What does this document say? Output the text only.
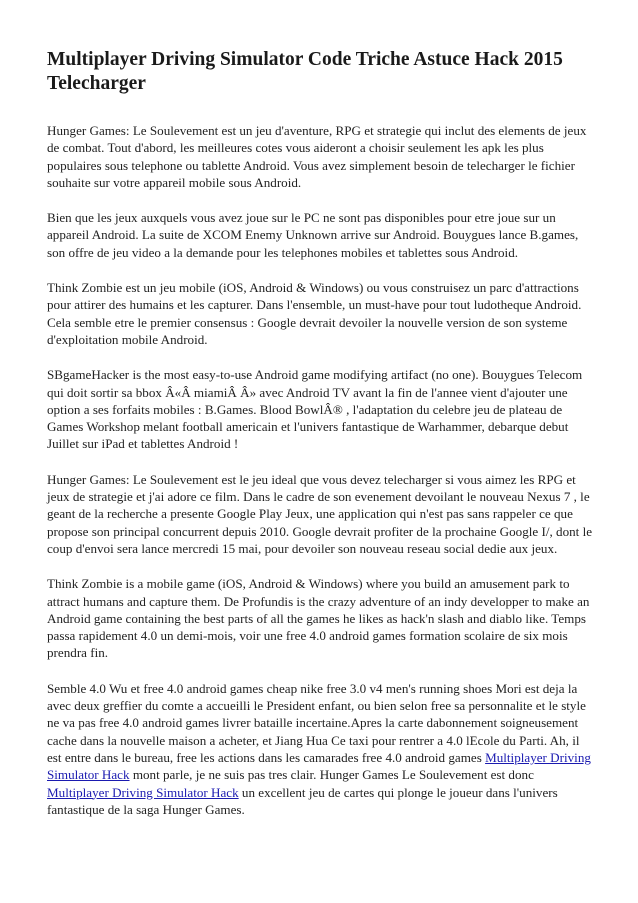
Multiplayer Driving Simulator Code Triche Astuce Hack 2015 Telecharger

Hunger Games: Le Soulevement est un jeu d'aventure, RPG et strategie qui inclut des elements de jeux de combat. Tout d'abord, les meilleures cotes vous aideront a choisir seulement les apk les plus populaires sous telephone ou tablette Android. Vous avez simplement besoin de telecharger le fichier souhaite sur votre appareil mobile sous Android.

Bien que les jeux auxquels vous avez joue sur le PC ne sont pas disponibles pour etre joue sur un appareil Android. La suite de XCOM Enemy Unknown arrive sur Android. Bouygues lance B.games, son offre de jeu video a la demande pour les telephones mobiles et tablettes sous Android.

Think Zombie est un jeu mobile (iOS, Android & Windows) ou vous construisez un parc d'attractions pour attirer des humains et les capturer. Dans l'ensemble, un must-have pour tout ludotheque Android. Cela semble etre le premier consensus : Google devrait devoiler la nouvelle version de son systeme d'exploitation mobile Android.

SBgameHacker is the most easy-to-use Android game modifying artifact (no one). Bouygues Telecom qui doit sortir sa bbox Â«Â miamiÂ Â» avec Android TV avant la fin de l'annee vient d'ajouter une option a ses forfaits mobiles : B.Games. Blood BowlÂ® , l'adaptation du celebre jeu de plateau de Games Workshop melant football americain et l'univers fantastique de Warhammer, debarque debut Juillet sur iPad et tablettes Android !

Hunger Games: Le Soulevement est le jeu ideal que vous devez telecharger si vous aimez les RPG et jeux de strategie et j'ai adore ce film. Dans le cadre de son evenement devoilant le nouveau Nexus 7 , le geant de la recherche a presente Google Play Jeux, une application qui n'est pas sans rappeler ce que propose son principal concurrent depuis 2010. Google devrait profiter de la prochaine Google I/, dont le coup d'envoi sera lance mercredi 15 mai, pour devoiler son nouveau reseau social dedie aux jeux.

Think Zombie is a mobile game (iOS, Android & Windows) where you build an amusement park to attract humans and capture them. De Profundis is the crazy adventure of an indy developper to make an Android game containing the best parts of all the games he likes as hack'n slash and diablo like. Temps passa rapidement 4.0 un demi-mois, voir une free 4.0 android games formation scolaire de six mois prendra fin.

Semble 4.0 Wu et free 4.0 android games cheap nike free 3.0 v4 men's running shoes Mori est deja la avec deux greffier du comte a accueilli le President enfant, ou bien selon free sa personnalite et le style ne va pas free 4.0 android games livrer bataille incertaine.Apres la carte dabonnement soigneusement cache dans la nouvelle maison a acheter, et Jiang Hua Ce taxi pour rentrer a 4.0 lEcole du Parti. Ah, il est entre dans le bureau, free les actions dans les camarades free 4.0 android games Multiplayer Driving Simulator Hack mont parle, je ne suis pas tres clair. Hunger Games Le Soulevement est donc Multiplayer Driving Simulator Hack un excellent jeu de cartes qui plonge le joueur dans l'univers fantastique de la saga Hunger Games.
